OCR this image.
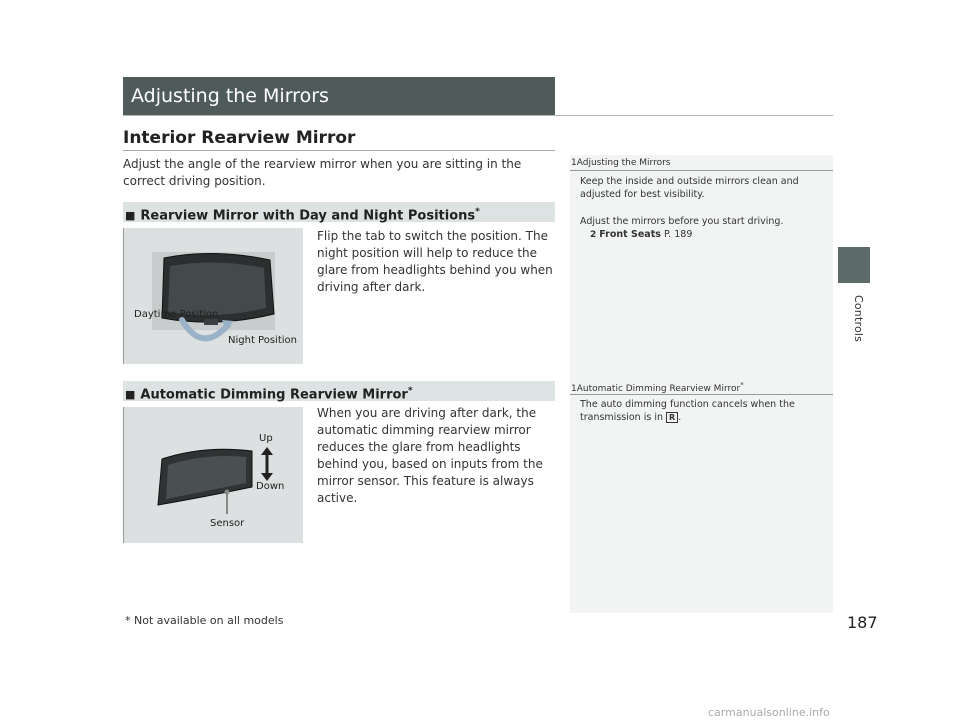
Adjusting the Mirrors
Controls
Interior Rearview Mirror
Adjust the angle of the rearview mirror when you are sitting in the correct driving position.
■ Rearview Mirror with Day and Night Positions*
Daytime Position
Night Position
Flip the tab to switch the position. The night position will help to reduce the glare from headlights behind you when driving after dark.
■ Automatic Dimming Rearview Mirror*
Up
Down
Sensor
When you are driving after dark, the automatic dimming rearview mirror reduces the glare from headlights behind you, based on inputs from the mirror sensor. This feature is always active.
1Adjusting the Mirrors
Keep the inside and outside mirrors clean and adjusted for best visibility.
Adjust the mirrors before you start driving.
2 Front Seats P. 189
1Automatic Dimming Rearview Mirror*
The auto dimming function cancels when the transmission is in R .
* Not available on all models	187
carmanualsonline.info
